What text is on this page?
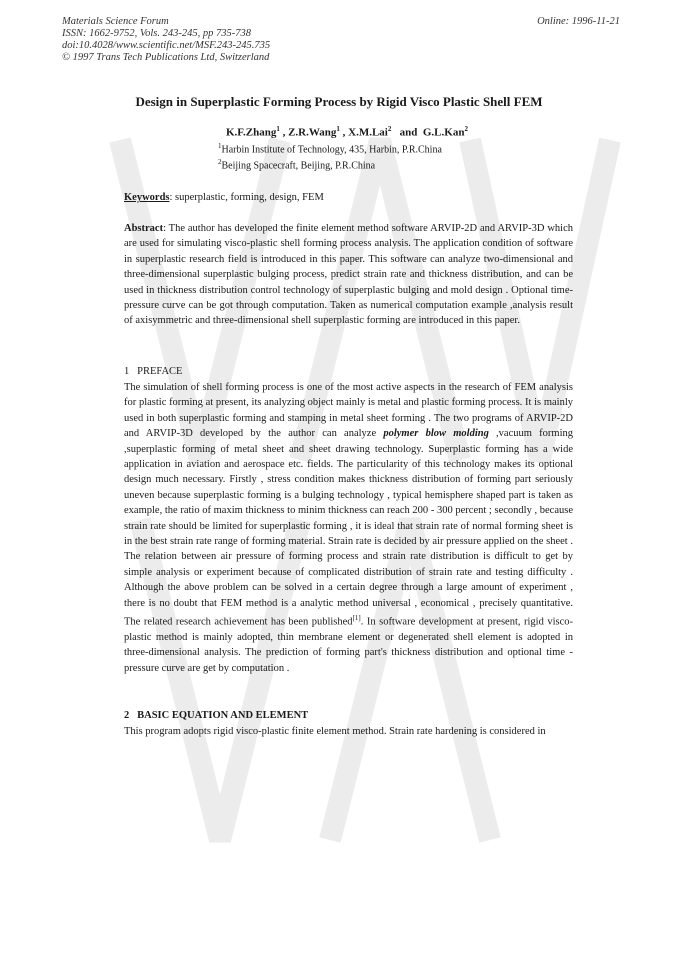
Materials Science Forum
ISSN: 1662-9752, Vols. 243-245, pp 735-738
doi:10.4028/www.scientific.net/MSF.243-245.735
© 1997 Trans Tech Publications Ltd, Switzerland
Online: 1996-11-21
Design in Superplastic Forming Process by Rigid Visco Plastic Shell FEM
K.F.Zhang$^1$ , Z.R.Wang$^1$ , X.M.Lai$^2$   and  G.L.Kan$^2$
$^1$Harbin Institute of Technology, 435, Harbin, P.R.China
$^2$Beijing Spacecraft, Beijing, P.R.China
Keywords: superplastic, forming, design, FEM
Abstract: The author has developed the finite element method software ARVIP-2D and ARVIP-3D which are used for simulating visco-plastic shell forming process analysis. The application condition of software in superplastic research field is introduced in this paper. This software can analyze two-dimensional and three-dimensional superplastic bulging process, predict strain rate and thickness distribution, and can be used in thickness distribution control technology of superplastic bulging and mold design . Optional time-pressure curve can be got through computation. Taken as numerical computation example ,analysis result of axisymmetric and three-dimensional shell superplastic forming are introduced in this paper.
1   PREFACE
The simulation of shell forming process is one of the most active aspects in the research of FEM analysis for plastic forming at present, its analyzing object mainly is metal and plastic forming process. It is mainly used in both superplastic forming and stamping in metal sheet forming . The two programs of ARVIP-2D and ARVIP-3D developed by the author can analyze polymer blow molding ,vacuum forming ,superplastic forming of metal sheet and sheet drawing technology. Superplastic forming has a wide application in aviation and aerospace etc. fields. The particularity of this technology makes its optional design much necessary. Firstly , stress condition makes thickness distribution of forming part seriously uneven because superplastic forming is a bulging technology , typical hemisphere shaped part is taken as example, the ratio of maxim thickness to minim thickness can reach 200 - 300 percent ; secondly , because strain rate should be limited for superplastic forming , it is ideal that strain rate of normal forming sheet is in the best strain rate range of forming material. Strain rate is decided by air pressure applied on the sheet . The relation between air pressure of forming process and strain rate distribution is difficult to get by simple analysis or experiment because of complicated distribution of strain rate and testing difficulty . Although the above problem can be solved in a certain degree through a large amount of experiment , there is no doubt that FEM method is a analytic method universal , economical , precisely quantitative. The related research achievement has been published[1]. In software development at present, rigid visco-plastic method is mainly adopted, thin membrane element or degenerated shell element is adopted in three-dimensional analysis. The prediction of forming part's thickness distribution and optional time - pressure curve are get by computation .
2   BASIC EQUATION AND ELEMENT
This program adopts rigid visco-plastic finite element method. Strain rate hardening is considered in
